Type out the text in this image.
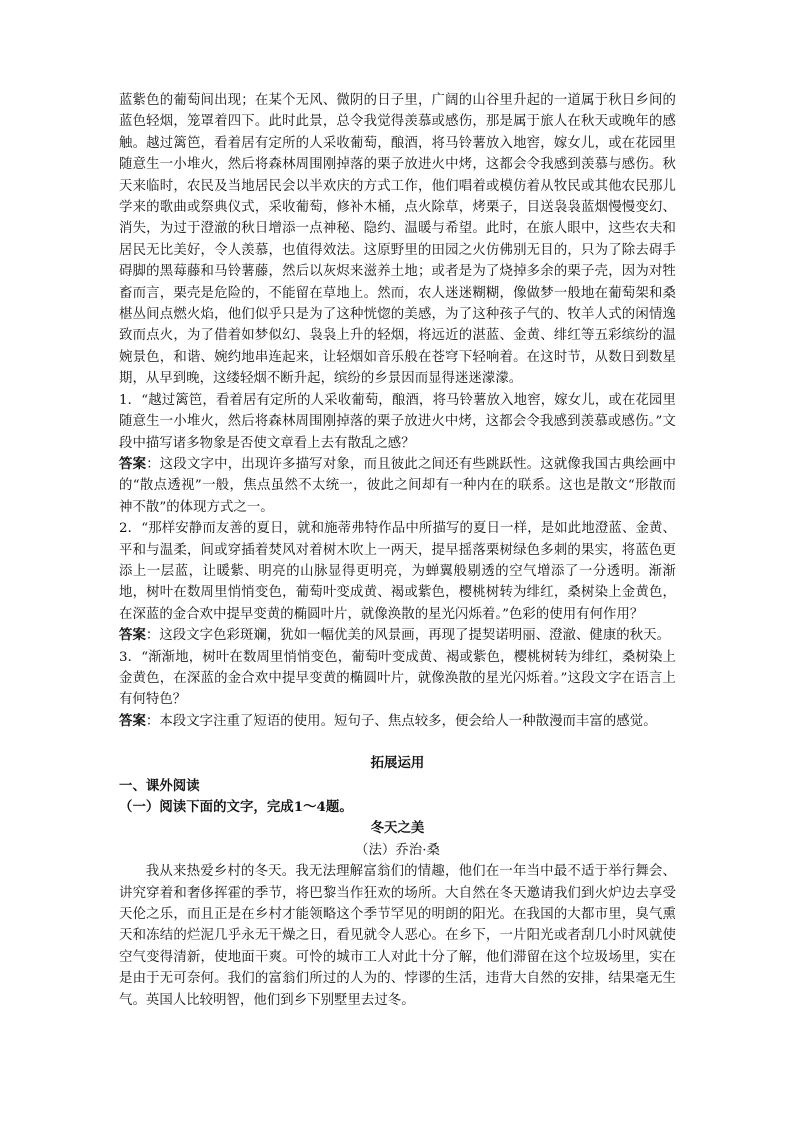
蓝紫色的葡萄间出现；在某个无风、微阴的日子里，广阔的山谷里升起的一道属于秋日乡间的蓝色轻烟，笼罩着四下。此时此景，总令我觉得羡慕或感伤，那是属于旅人在秋天或晚年的感触。越过篱笆，看着居有定所的人采收葡萄，酿酒，将马铃薯放入地窖，嫁女儿，或在花园里随意生一小堆火，然后将森林周围刚掉落的栗子放进火中烤，这都会令我感到羡慕与感伤。秋天来临时，农民及当地居民会以半欢庆的方式工作，他们唱着或模仿着从牧民或其他农民那儿学来的歌曲或祭典仪式，采收葡萄，修补木桶，点火除草，烤栗子，目送袅袅蓝烟慢慢变幻、消失，为过于澄澈的秋日增添一点神秘、隐约、温暖与希望。此时，在旅人眼中，这些农夫和居民无比美好，令人羡慕，也值得效法。这原野里的田园之火仿佛别无目的，只为了除去碍手碍脚的黑莓藤和马铃薯藤，然后以灰烬来滋养土地；或者是为了烧掉多余的栗子壳，因为对牲畜而言，栗壳是危险的，不能留在草地上。然而，农人迷迷糊糊，像做梦一般地在葡萄架和桑椹丛间点燃火焰，他们似乎只是为了这种恍惚的美感，为了这种孩子气的、牧羊人式的闲情逸致而点火，为了借着如梦似幻、袅袅上升的轻烟，将远近的湛蓝、金黄、绯红等五彩缤纷的温婉景色，和谐、婉约地串连起来，让轻烟如音乐般在苍穹下轻响着。在这时节，从数日到数星期，从早到晚，这缕轻烟不断升起，缤纷的乡景因而显得迷迷濛濛。

1．“越过篱笆，看着居有定所的人采收葡萄，酿酒，将马铃薯放入地窖，嫁女儿，或在花园里随意生一小堆火，然后将森林周围刚掉落的栗子放进火中烤，这都会令我感到羡慕或感伤。”文段中描写诸多物象是否使文章看上去有散乱之感？

答案：这段文字中，出现许多描写对象，而且彼此之间还有些跳跃性。这就像我国古典绘画中的“散点透视”一般，焦点虽然不太统一，彼此之间却有一种内在的联系。这也是散文“形散而神不散”的体现方式之一。

2．“那样安静而友善的夏日，就和施蒂弗特作品中所描写的夏日一样，是如此地澄蓝、金黄、平和与温柔，间或穿插着焚风对着树木吹上一两天，提早摇落栗树绿色多刺的果实，将蓝色更添上一层蓝，让暖紫、明亮的山脉显得更明亮，为蝉翼般剔透的空气增添了一分透明。渐渐地，树叶在数周里悄悄变色，葡萄叶变成黄、褐或紫色，樱桃树转为绯红，桑树染上金黄色，在深蓝的金合欢中提早变黄的椭圆叶片，就像涣散的星光闪烁着。”色彩的使用有何作用？

答案：这段文字色彩斑斓，犹如一幅优美的风景画，再现了提契诺明丽、澄澈、健康的秋天。

3．“渐渐地，树叶在数周里悄悄变色，葡萄叶变成黄、褐或紫色，樱桃树转为绯红，桑树染上金黄色，在深蓝的金合欢中提早变黄的椭圆叶片，就像涣散的星光闪烁着。”这段文字在语言上有何特色？

答案：本段文字注重了短语的使用。短句子、焦点较多，便会给人一种散漫而丰富的感觉。

拓展运用

一、课外阅读

（一）阅读下面的文字，完成1～4题。

冬天之美

（法）乔治·桑

我从来热爱乡村的冬天。我无法理解富翁们的情趣，他们在一年当中最不适于举行舞会、讲究穿着和奢侈挥霍的季节，将巴黎当作狂欢的场所。大自然在冬天邀请我们到火炉边去享受天伦之乐，而且正是在乡村才能领略这个季节罕见的明朗的阳光。在我国的大都市里，臭气熏天和冻结的烂泥几乎永无干燥之日，看见就令人恶心。在乡下，一片阳光或者刮几小时风就使空气变得清新，使地面干爽。可怜的城市工人对此十分了解，他们滞留在这个垃圾场里，实在是由于无可奈何。我们的富翁们所过的人为的、悖谬的生活，违背大自然的安排，结果毫无生气。英国人比较明智，他们到乡下别墅里去过冬。
